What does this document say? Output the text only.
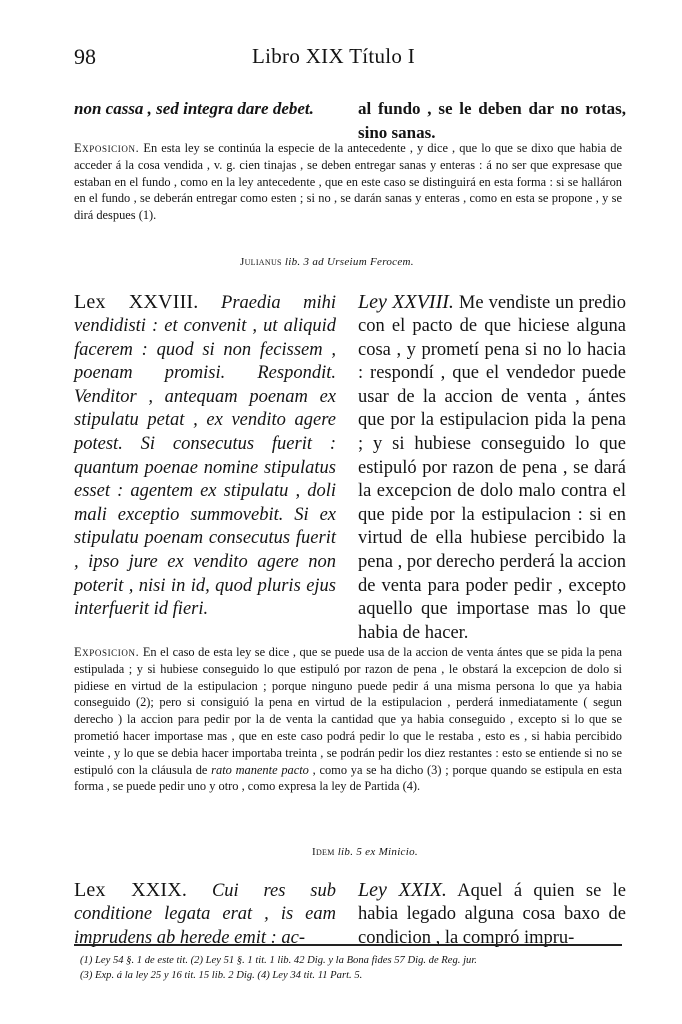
98	Libro XIX Título I

non cassa , sed integra dare debet.	al fundo , se le deben dar no rotas, sino sanas.

Exposicion. En esta ley se continúa la especie de la antecedente , y dice , que lo que se dixo que habia de acceder á la cosa vendida , v. g. cien tinajas , se deben entregar sanas y enteras : á no ser que expresase que estaban en el fundo , como en la ley antecedente , que en este caso se distinguirá en esta forma : si se halláron en el fundo , se deberán entregar como esten ; si no , se darán sanas y enteras , como en esta se propone , y se dirá despues (1).
Julianus lib. 3 ad Urseium Ferocem.

Lex XXVIII. Praedia mihi vendidisti : et convenit , ut aliquid facerem : quod si non fecissem , poenam promisi. Respondit. Venditor , antequam poenam ex stipulatu petat , ex vendito agere potest. Si consecutus fuerit : quantum poenae nomine stipulatus esset : agentem ex stipulatu , doli mali exceptio summovebit. Si ex stipulatu poenam consecutus fuerit , ipso jure ex vendito agere non poterit , nisi in id, quod pluris ejus interfuerit id fieri.

Ley XXVIII. Me vendiste un predio con el pacto de que hiciese alguna cosa , y prometí pena si no lo hacia : respondí , que el vendedor puede usar de la accion de venta , ántes que por la estipulacion pida la pena ; y si hubiese conseguido lo que estipuló por razon de pena , se dará la excepcion de dolo malo contra el que pide por la estipulacion : si en virtud de ella hubiese percibido la pena , por derecho perderá la accion de venta para poder pedir , excepto aquello que importase mas lo que habia de hacer.

Exposicion. En el caso de esta ley se dice , que se puede usa de la accion de venta ántes que se pida la pena estipulada ; y si hubiese conseguido lo que estipuló por razon de pena , le obstará la excepcion de dolo si pidiese en virtud de la estipulacion ; porque ninguno puede pedir á una misma persona lo que ya habia conseguido (2); pero si consiguió la pena en virtud de la estipulacion , perderá inmediatamente ( segun derecho ) la accion para pedir por la de venta la cantidad que ya habia conseguido , excepto si lo que se prometió hacer importase mas , que en este caso podrá pedir lo que le restaba , esto es , si habia percibido veinte , y lo que se debia hacer importaba treinta , se podrán pedir los diez restantes : esto se entiende si no se estipuló con la cláusula de rato manente pacto , como ya se ha dicho (3) ; porque quando se estipula en esta forma , se puede pedir uno y otro , como expresa la ley de Partida (4).
Idem lib. 5 ex Minicio.

Lex XXIX. Cui res sub conditione legata erat , is eam imprudens ab herede emit : ac-

Ley XXIX. Aquel á quien se le habia legado alguna cosa baxo de condicion , la compró impru-

(1) Ley 54 §. 1 de este tit. (2) Ley 51 §. 1 tit. 1 lib. 42 Dig. y la Bona fides 57 Dig. de Reg. jur.

(3) Exp. á la ley 25 y 16 tit. 15 lib. 2 Dig. (4) Ley 34 tit. 11 Part. 5.
